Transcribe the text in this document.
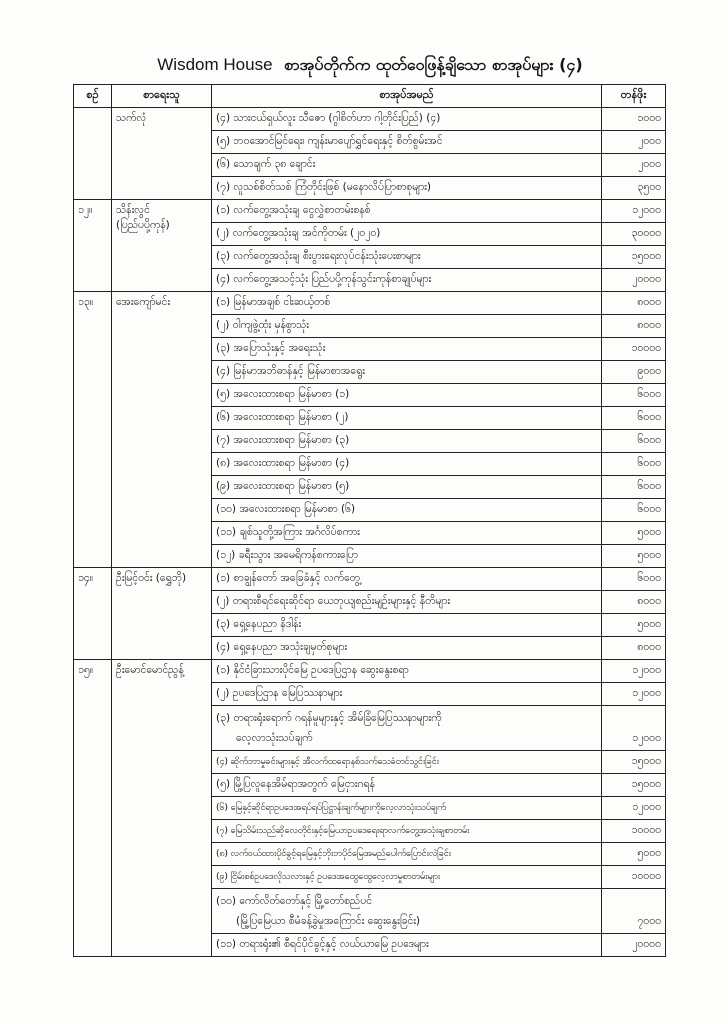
Wisdom House စာအုပ်တိုက်က ထုတ်ဝေဖြန့်ချိသော စာအုပ်များ (၄)
စဉ်	စာရေးသူ	စာအုပ်အမည်	တန်ဖိုး

	သက်လုံ	(၄) သားငယ်ရှယ်လူး သီဇော (ဂွါစိတ်ဟာ ဂါ့တိုင်းပြည်) (၄)	၁၀၀၀
		(၅) ဘဝအောင်မြင်ရေး၊ ကျန်းမာပျော်ရွှင်ရေးနှင့် စိတ်စွမ်းအင်	၂၀၀၀
		(၆) သောချက် ၃၈ ချောင်း	၂၀၀၀
		(၇) လူသစ်စိတ်သစ် ကြံတိုင်းဖြစ် (မနောလိပ်ပြာစာစုများ)	၃၅၀၀
၁၂။	သိန်းလွင်
(ပြည်ပပို့ကုန်)	(၁) လက်တွေ့အသုံးချ ငွေလွှဲစာတမ်းစနစ်	၁၂၀၀၀
		(၂) လက်တွေ့အသုံးချ အင်ကိုတမ်း (၂၀၂၀)	၃၀၀၀၀
		(၃) လက်တွေ့အသုံးချ စီးပွားရေးလုပ်ငန်းသုံးပေးစာများ	၁၅၀၀၀
		(၄) လက်တွေ့အသင့်သုံး ပြည်ပပို့ကုန်သွင်းကုန်စာချုပ်များ	၂၀၀၀၀
၁၃။	အေးကျော်မင်း	(၁) မြန်မာအချစ် ငါးဆယ့်တစ်	၈၀၀၀
		(၂) ဝါကျဖွဲ့ထုံး မှန်စွာသုံး	၈၀၀၀
		(၃) အပြောသုံးနှင့် အရေးသုံး	၁၀၀၀၀
		(၄) မြန်မာအဘိဓာန်နှင့် မြန်မာစာအရွေး	၉၀၀၀
		(၅) အလေးထားစရာ မြန်မာစာ (၁)	၆၀၀၀
		(၆) အလေးထားစရာ မြန်မာစာ (၂)	၆၀၀၀
		(၇) အလေးထားစရာ မြန်မာစာ (၃)	၆၀၀၀
		(၈) အလေးထားစရာ မြန်မာစာ (၄)	၆၀၀၀
		(၉) အလေးထားစရာ မြန်မာစာ (၅)	၆၀၀၀
		(၁၀) အလေးထားစရာ မြန်မာစာ (၆)	၆၀၀၀
		(၁၁) ချစ်သူတို့အကြား အင်္ဂလိပ်စကား	၅၀၀၀
		(၁၂) ခရီးသွား အမေရိကန်စကားပြော	၅၀၀၀
၁၄။	ဦးမြင့်ဝင်း (ရွှေဘို)	(၁) စာချွန်တော် အခြေခံနှင့် လက်တွေ့	၆၀၀၀
		(၂) တရားစီရင်ရေးဆိုင်ရာ ယေဘုယျစည်းမျဉ်းများနှင့် နီတိများ	၈၀၀၀
		(၃) ရှေ့နေပညာ နိဒါန်း	၅၀၀၀
		(၄) ရှေ့နေပညာ အသုံးချမှတ်စုများ	၈၀၀၀
၁၅။	ဦးမောင်မောင်ညွန့်	(၁) နိုင်ငံခြားသားပိုင်မြေ ဥပဒေပြဌာန ဆွေးနွေးစရာ	၁၂၀၀၀
		(၂) ဥပဒေပြဌာန မြေပြဿနာများ	၁၂၀၀၀

		(၃) တရားရုံးရောက် ဂရန်မူများနှင့် အိမ်ခြံမြေပြဿနာများကို
လေ့လာသုံးသပ်ချက်	၁၂၀၀၀
		(၄) ဆိုက်ဘာမှုခင်းများနှင့် အီလက်ထရောနစ်သက်သေခံတင်သွင်းခြင်း	၁၅၀၀၀
		(၅) မြို့ပြလူနေအိမ်ရာအတွက် မြေငှားဂရန်	၁၅၀၀၀
		(၆) မြေနှင့်ဆိုင်ရာဥပဒေအရပ်ရပ်ပြဋ္ဌာန်းချက်များကိုလေ့လာသုံးသပ်ချက်	၁၂၀၀၀
		(၇) မြေသိမ်းသည်ဆိုလေတိုင်းနှင့်မြေယာဥပဒေရေးရာလက်တွေ့အသုံးချစာတမ်း	၁၀၀၀၀
		(၈) လက်ဝယ်ထားပိုင်ခွင့်ရမြေနှင့်ဘိုးဘပိုင်မြေအမည်ပေါက်ပြောင်းလဲခြင်း	၅၀၀၀
		(၉) ငြိမ်းစစ်ဥပဒေလိုသလားနှင့် ဥပဒေအထွေထွေလေ့လာမှုစာတမ်းများ	၁၀၀၀၀

		(၁၀) ကော်လိတ်တော်နှင့် မြို့တော်စည်ပင်
(မြို့ပြမြေယာ စီမံခန့်ခွဲမှုအကြောင်း ဆွေးနွေးခြင်း)	၇၀၀၀
		(၁၁) တရားရုံး၏ စီရင်ပိုင်ခွင့်နှင့် လယ်ယာမြေ ဥပဒေများ	၂၀၀၀၀
